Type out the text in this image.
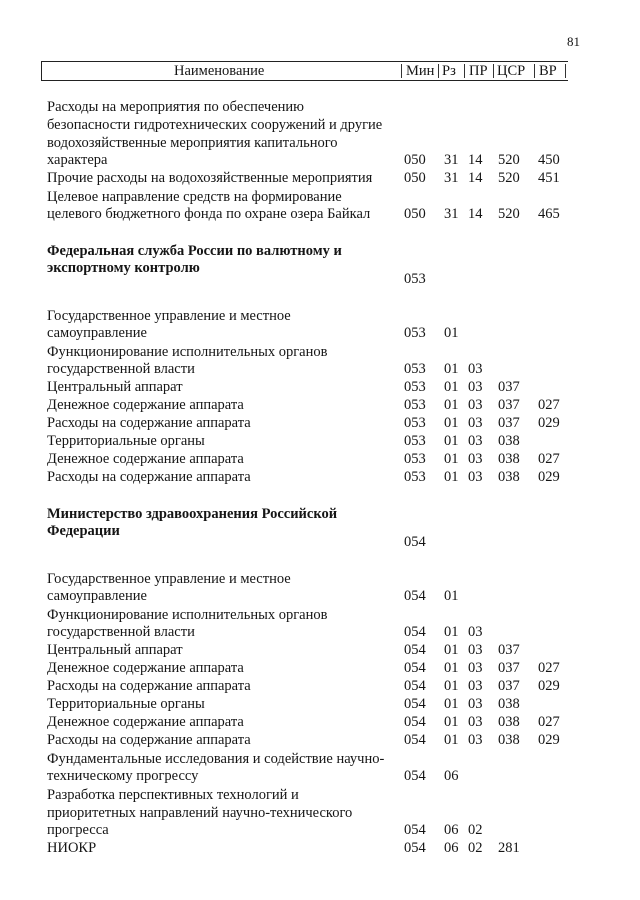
81
Наименование	Мин Рз ПР ЦСР ВР
Расходы на мероприятия по обеспечению
безопасности гидротехнических сооружений и другие
водохозяйственные мероприятия капитального
характера	050 31 14 520 450
Прочие расходы на водохозяйственные мероприятия	050 31 14 520 451
Целевое направление средств на формирование
целевого бюджетного фонда по охране озера Байкал	050 31 14 520 465
Федеральная служба России по валютному и
экспортному контролю
053
Государственное управление и местное
самоуправление	053 01
Функционирование исполнительных органов
государственной власти	053 01 03
Центральный аппарат	053 01 03 037
Денежное содержание аппарата	053 01 03 037 027
Расходы на содержание аппарата	053 01 03 037 029
Территориальные органы	053 01 03 038
Денежное содержание аппарата	053 01 03 038 027
Расходы на содержание аппарата	053 01 03 038 029
Министерство здравоохранения Российской
Федерации
054
Государственное управление и местное
самоуправление	054 01
Функционирование исполнительных органов
государственной власти	054 01 03
Центральный аппарат	054 01 03 037
Денежное содержание аппарата	054 01 03 037 027
Расходы на содержание аппарата	054 01 03 037 029
Территориальные органы	054 01 03 038
Денежное содержание аппарата	054 01 03 038 027
Расходы на содержание аппарата	054 01 03 038 029
Фундаментальные исследования и содействие научно-
техническому прогрессу	054 06
Разработка перспективных технологий и
приоритетных направлений научно-технического
прогресса	054 06 02
НИОКР	054 06 02 281
